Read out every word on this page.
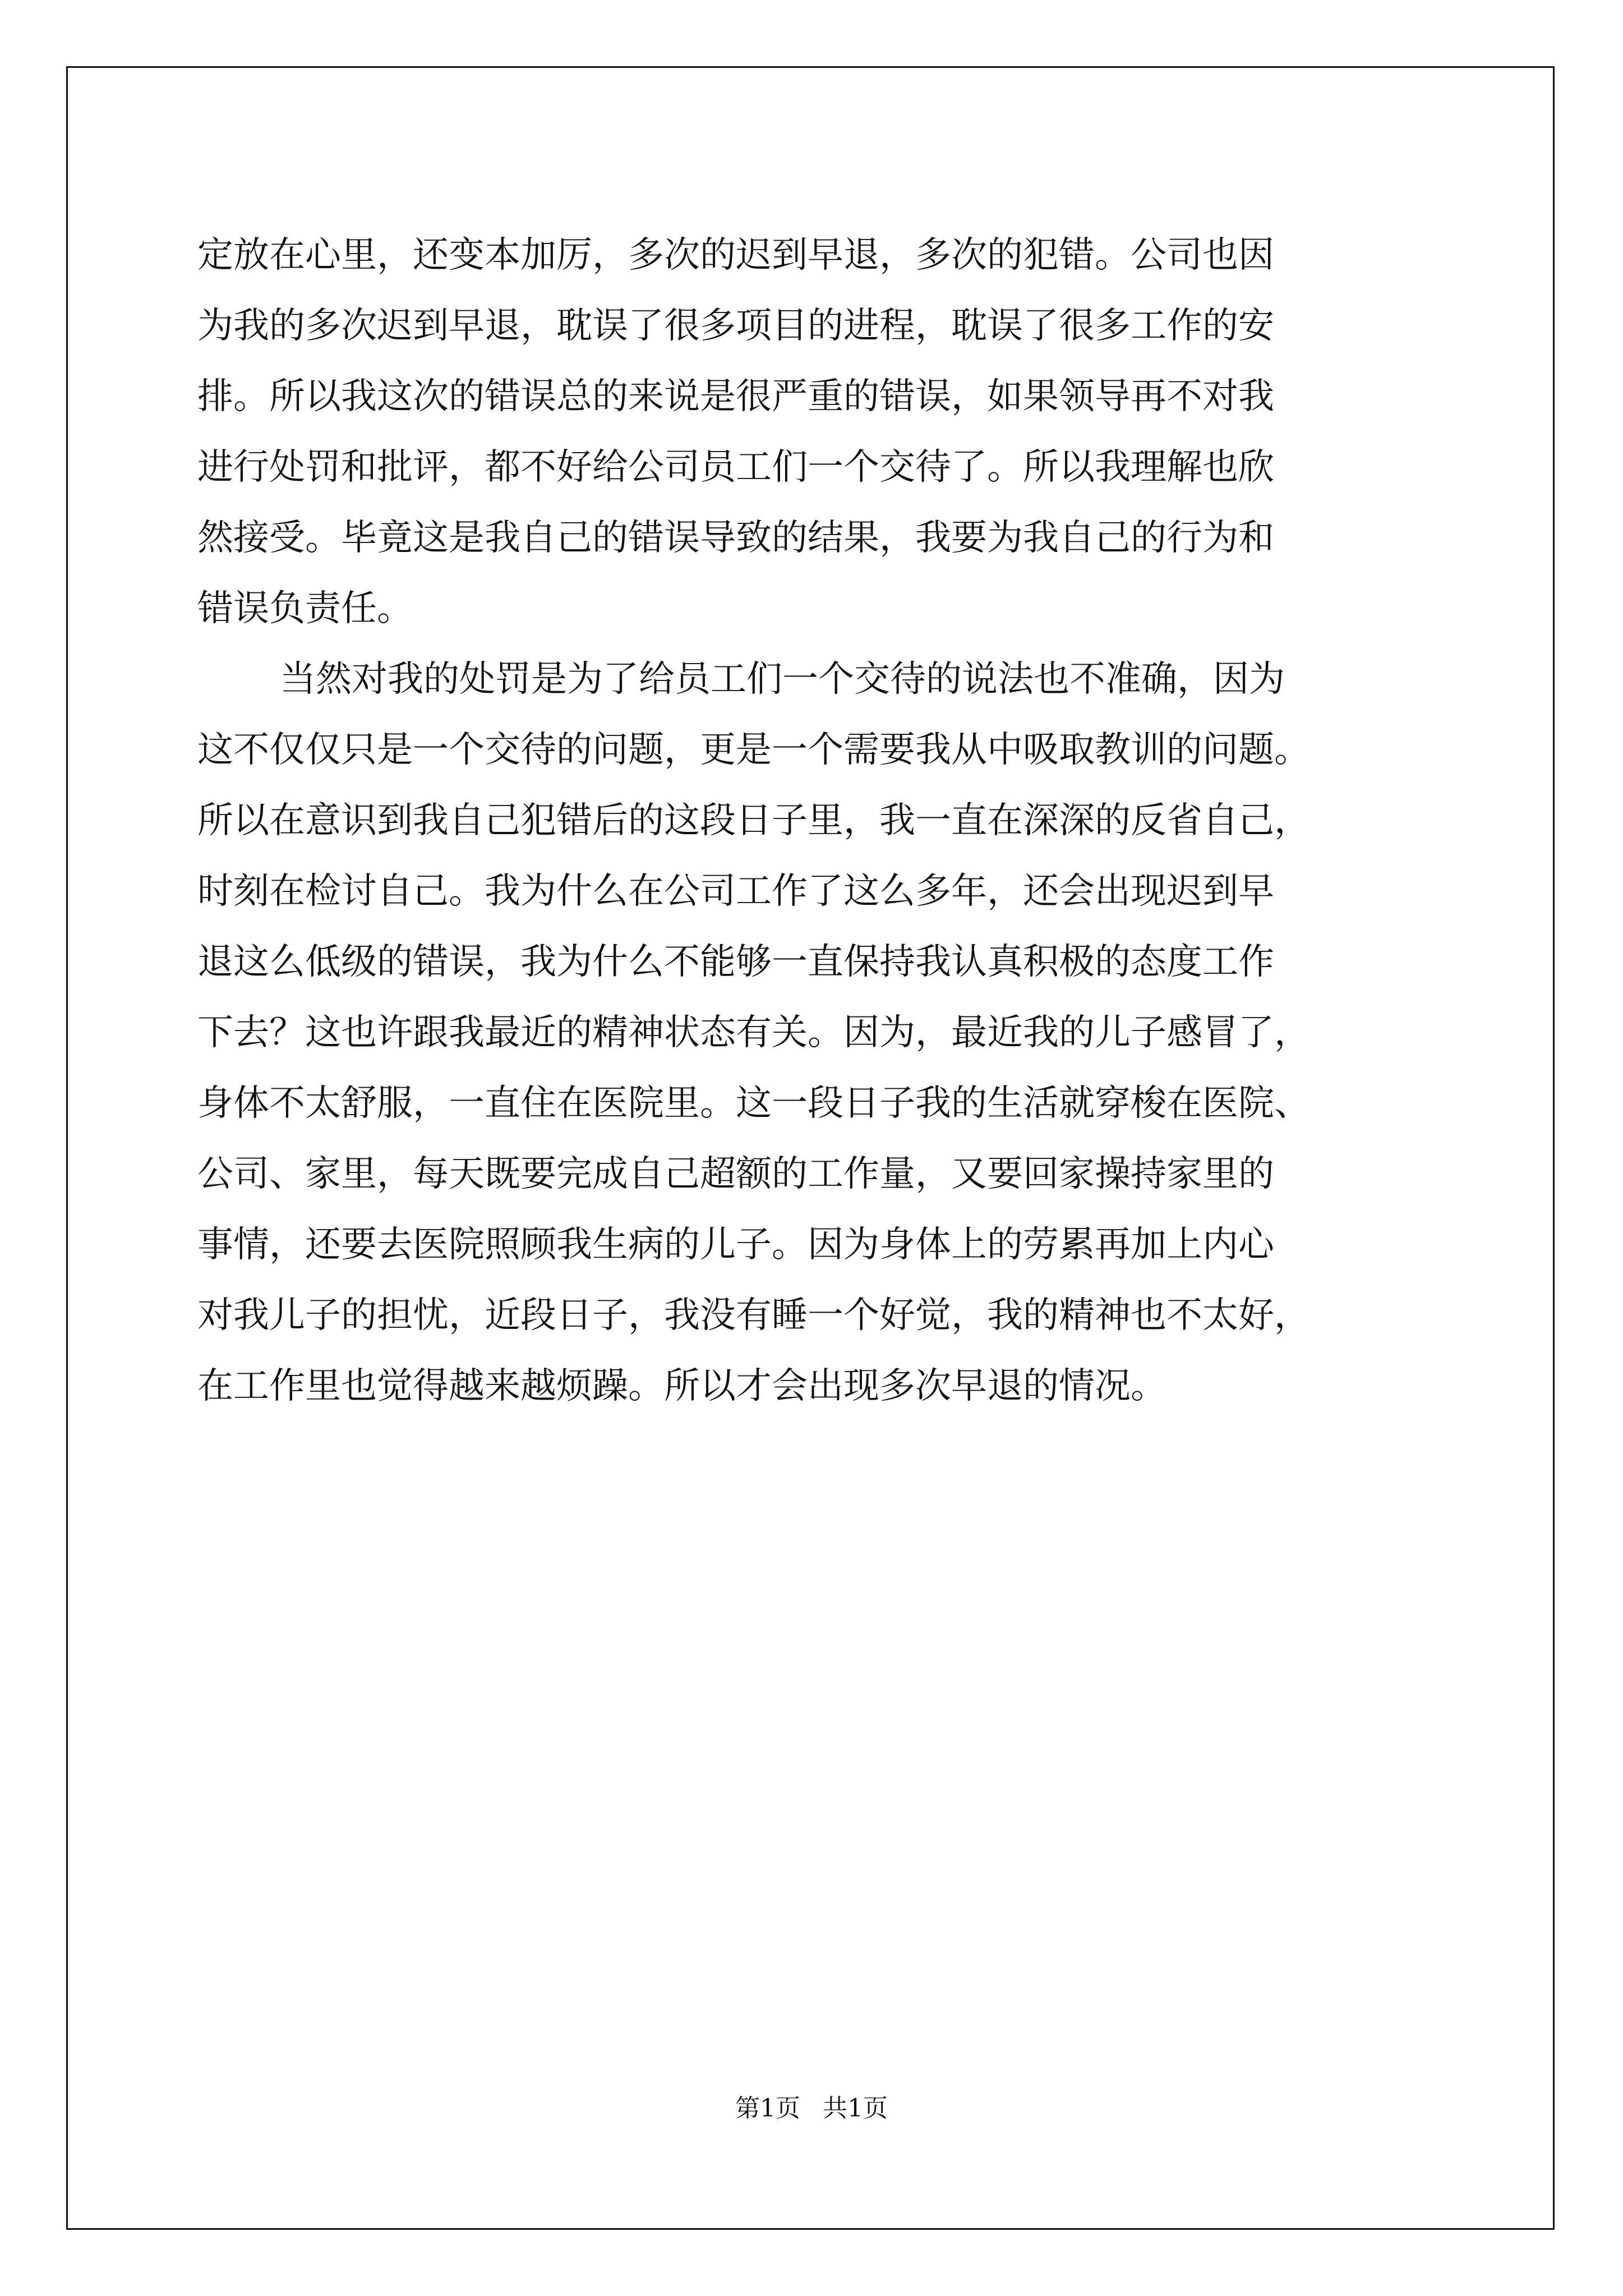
定放在心里，还变本加厉，多次的迟到早退，多次的犯错。公司也因
为我的多次迟到早退，耽误了很多项目的进程，耽误了很多工作的安
排。所以我这次的错误总的来说是很严重的错误，如果领导再不对我
进行处罚和批评，都不好给公司员工们一个交待了。所以我理解也欣
然接受。毕竟这是我自己的错误导致的结果，我要为我自己的行为和
错误负责任。
当然对我的处罚是为了给员工们一个交待的说法也不准确，因为
这不仅仅只是一个交待的问题，更是一个需要我从中吸取教训的问题。
所以在意识到我自己犯错后的这段日子里，我一直在深深的反省自己，
时刻在检讨自己。我为什么在公司工作了这么多年，还会出现迟到早
退这么低级的错误，我为什么不能够一直保持我认真积极的态度工作
下去？这也许跟我最近的精神状态有关。因为，最近我的儿子感冒了，
身体不太舒服，一直住在医院里。这一段日子我的生活就穿梭在医院、
公司、家里，每天既要完成自己超额的工作量，又要回家操持家里的
事情，还要去医院照顾我生病的儿子。因为身体上的劳累再加上内心
对我儿子的担忧，近段日子，我没有睡一个好觉，我的精神也不太好，
在工作里也觉得越来越烦躁。所以才会出现多次早退的情况。
第1页 共1页
